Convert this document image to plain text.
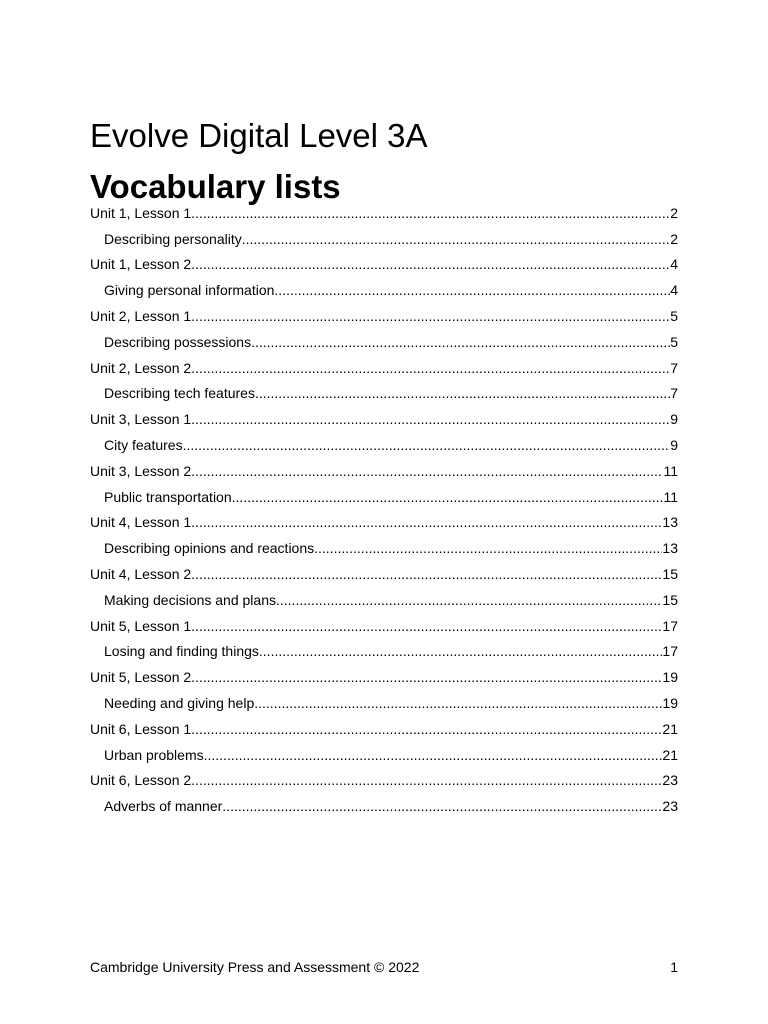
Evolve Digital Level 3A
Vocabulary lists
Unit 1, Lesson 1 .....	2
Describing personality .....	2
Unit 1, Lesson 2 .....	4
Giving personal information .....	4
Unit 2, Lesson 1 .....	5
Describing possessions .....	5
Unit 2, Lesson 2 .....	7
Describing tech features .....	7
Unit 3, Lesson 1 .....	9
City features .....	9
Unit 3, Lesson 2 .....	11
Public transportation .....	11
Unit 4, Lesson 1 .....	13
Describing opinions and reactions .....	13
Unit 4, Lesson 2 .....	15
Making decisions and plans .....	15
Unit 5, Lesson 1 .....	17
Losing and finding things .....	17
Unit 5, Lesson 2 .....	19
Needing and giving help .....	19
Unit 6, Lesson 1 .....	21
Urban problems .....	21
Unit 6, Lesson 2 .....	23
Adverbs of manner .....	23
Cambridge University Press and Assessment © 2022	1
